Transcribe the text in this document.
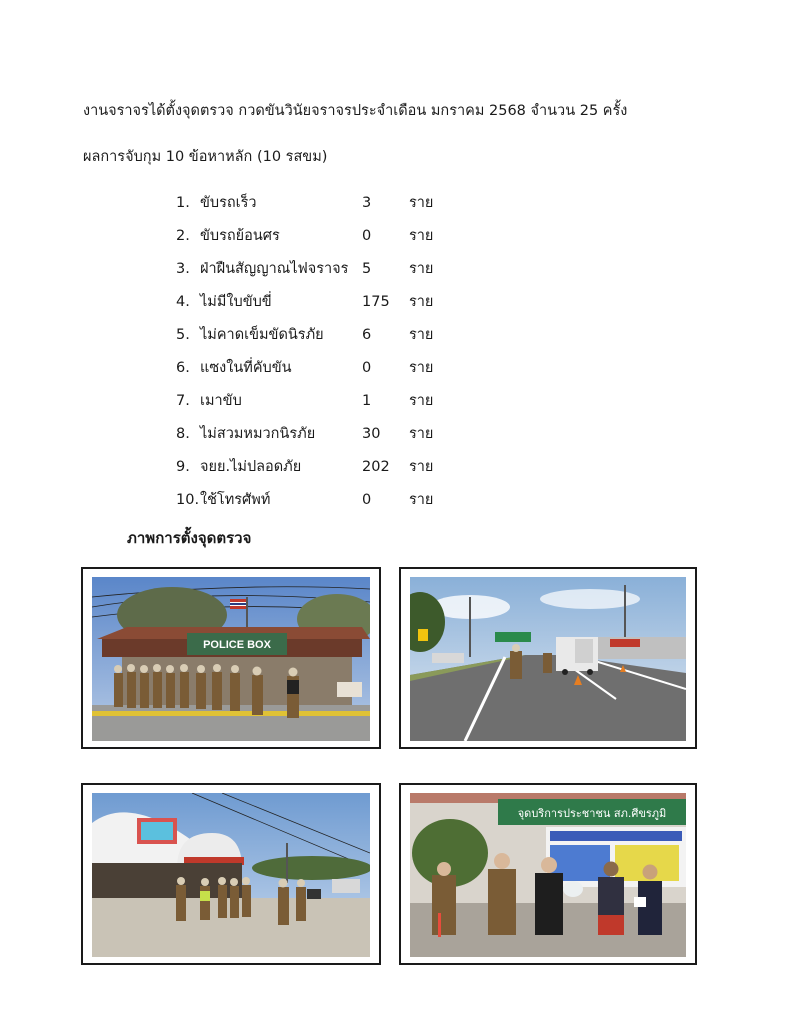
งานจราจรได้ตั้งจุดตรวจ กวดขันวินัยจราจรประจำเดือน มกราคม 2568 จำนวน 25 ครั้ง
ผลการจับกุม 10 ข้อหาหลัก (10 รสขม)
1. ขับรถเร็ว	3	ราย
2. ขับรถย้อนศร	0	ราย
3. ฝ่าฝืนสัญญาณไฟจราจร 5	ราย
4. ไม่มีใบขับขี่	175	ราย
5. ไม่คาดเข็มขัดนิรภัย	6	ราย
6. แซงในที่คับขัน	0	ราย
7. เมาขับ	1	ราย
8. ไม่สวมหมวกนิรภัย	30	ราย
9. จยย.ไม่ปลอดภัย	202	ราย
10. ใช้โทรศัพท์	0	ราย
ภาพการตั้งจุดตรวจ
POLICE BOX
จุดบริการประชาชน สภ.ศีขรภูมิ
